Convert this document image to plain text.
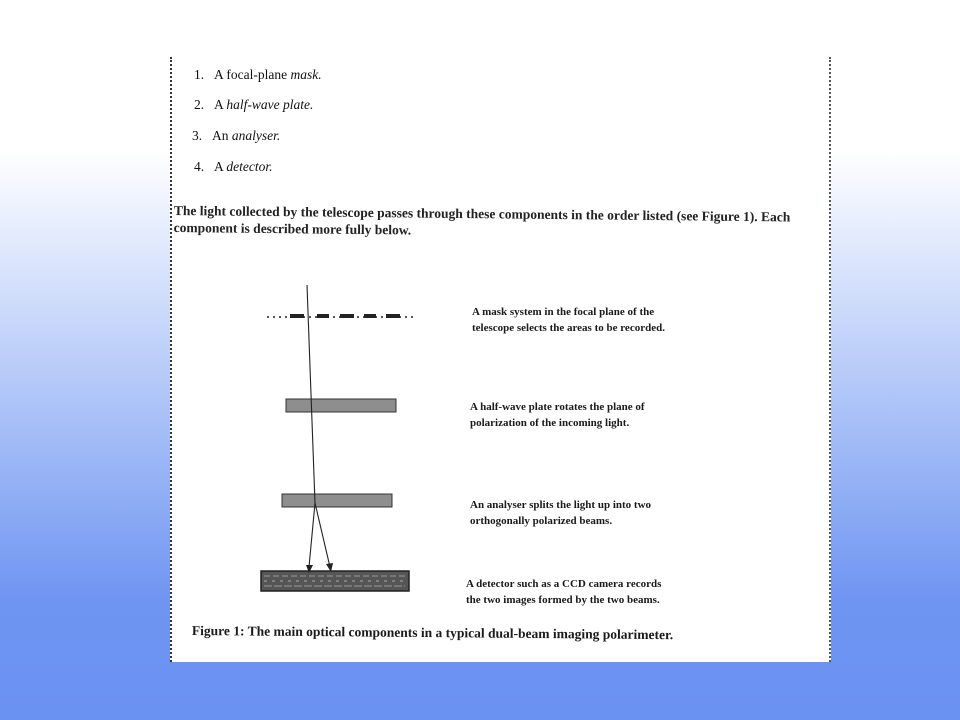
1. A focal-plane mask.
2. A half-wave plate.
3. An analyser.
4. A detector.
The light collected by the telescope passes through these components in the order listed (see Figure 1). Each component is described more fully below.
A mask system in the focal plane of the
telescope selects the areas to be recorded.
A half-wave plate rotates the plane of
polarization of the incoming light.
An analyser splits the light up into two
orthogonally polarized beams.
A detector such as a CCD camera records
the two images formed by the two beams.
Figure 1: The main optical components in a typical dual-beam imaging polarimeter.
